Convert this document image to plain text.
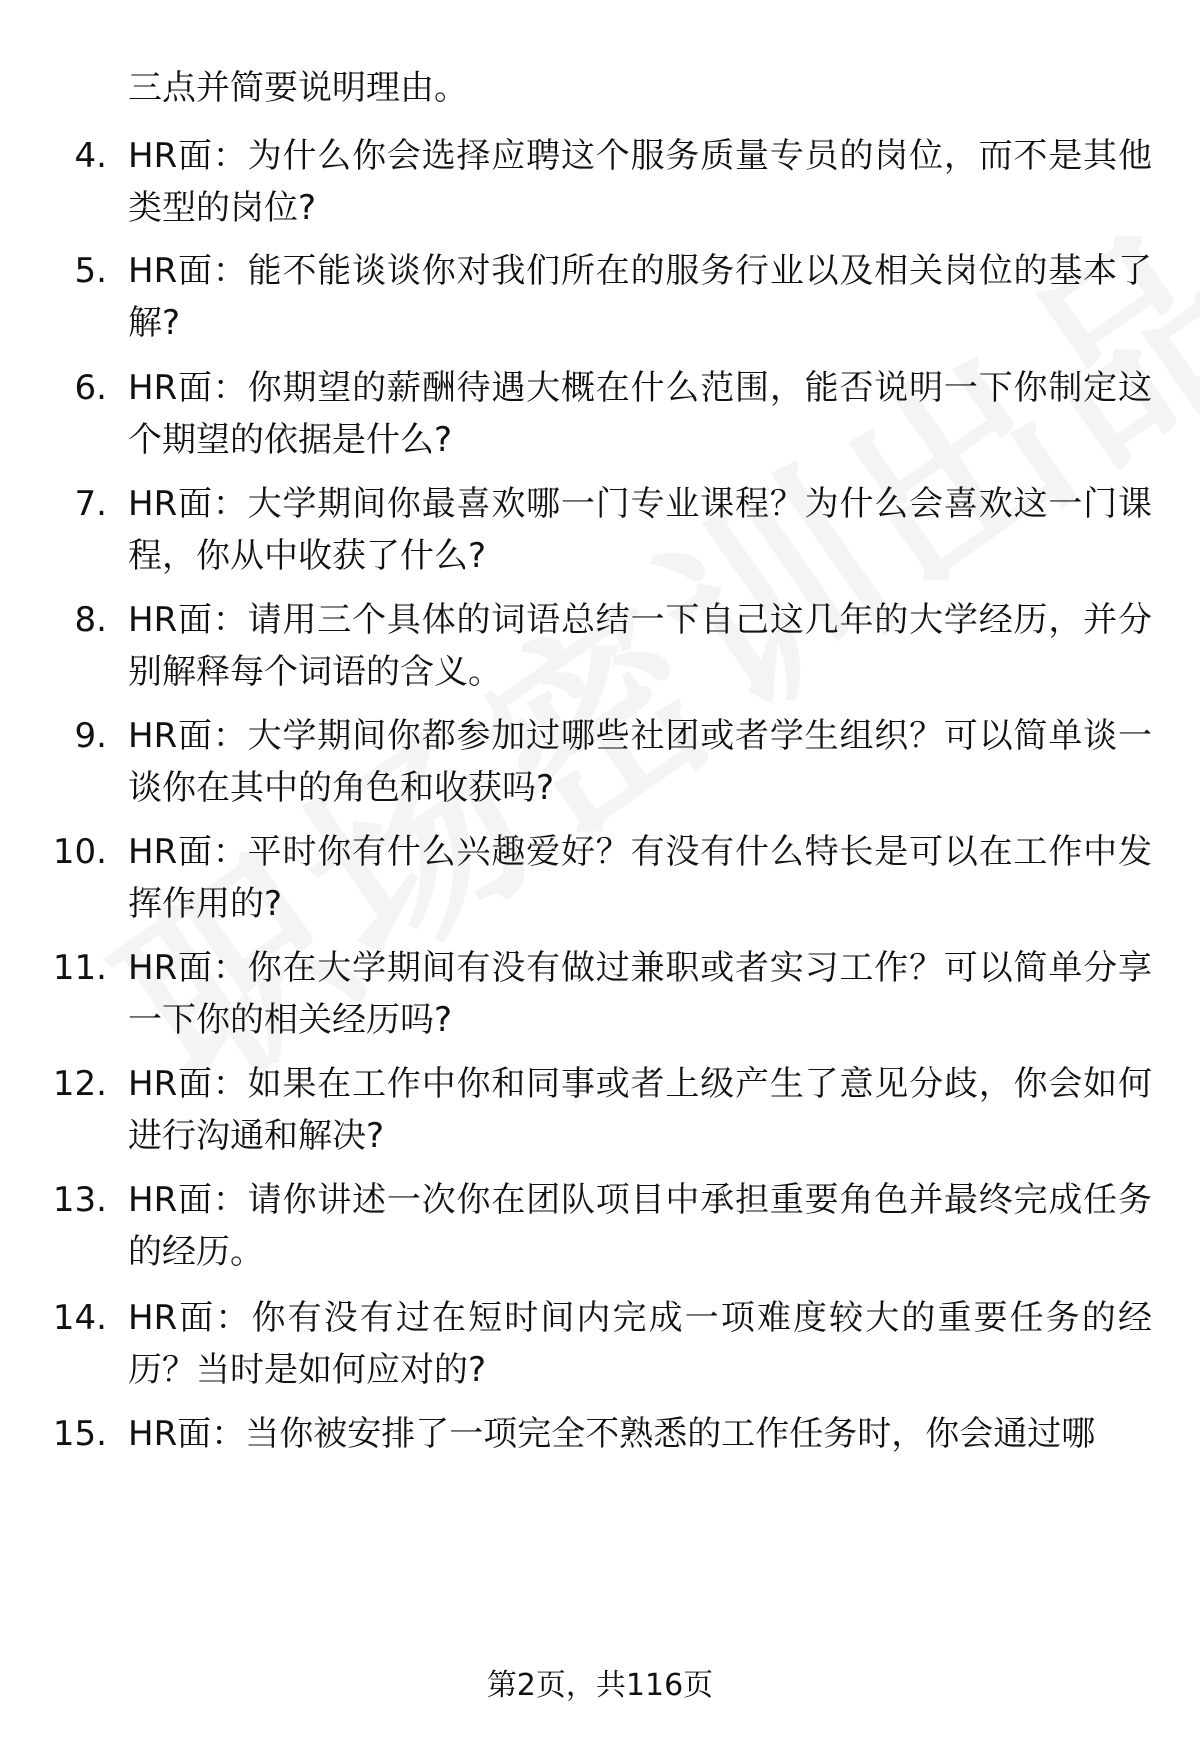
三点并简要说明理由。
4. HR面：为什么你会选择应聘这个服务质量专员的岗位，而不是其他类型的岗位?
5. HR面：能不能谈谈你对我们所在的服务行业以及相关岗位的基本了解?
6. HR面：你期望的薪酬待遇大概在什么范围，能否说明一下你制定这个期望的依据是什么?
7. HR面：大学期间你最喜欢哪一门专业课程？为什么会喜欢这一门课程，你从中收获了什么?
8. HR面：请用三个具体的词语总结一下自己这几年的大学经历，并分别解释每个词语的含义。
9. HR面：大学期间你都参加过哪些社团或者学生组织？可以简单谈一谈你在其中的角色和收获吗?
10. HR面：平时你有什么兴趣爱好？有没有什么特长是可以在工作中发挥作用的?
11. HR面：你在大学期间有没有做过兼职或者实习工作？可以简单分享一下你的相关经历吗?
12. HR面：如果在工作中你和同事或者上级产生了意见分歧，你会如何进行沟通和解决?
13. HR面：请你讲述一次你在团队项目中承担重要角色并最终完成任务的经历。
14. HR面：你有没有过在短时间内完成一项难度较大的重要任务的经历？当时是如何应对的?
15. HR面：当你被安排了一项完全不熟悉的工作任务时，你会通过哪
第2页，共116页
